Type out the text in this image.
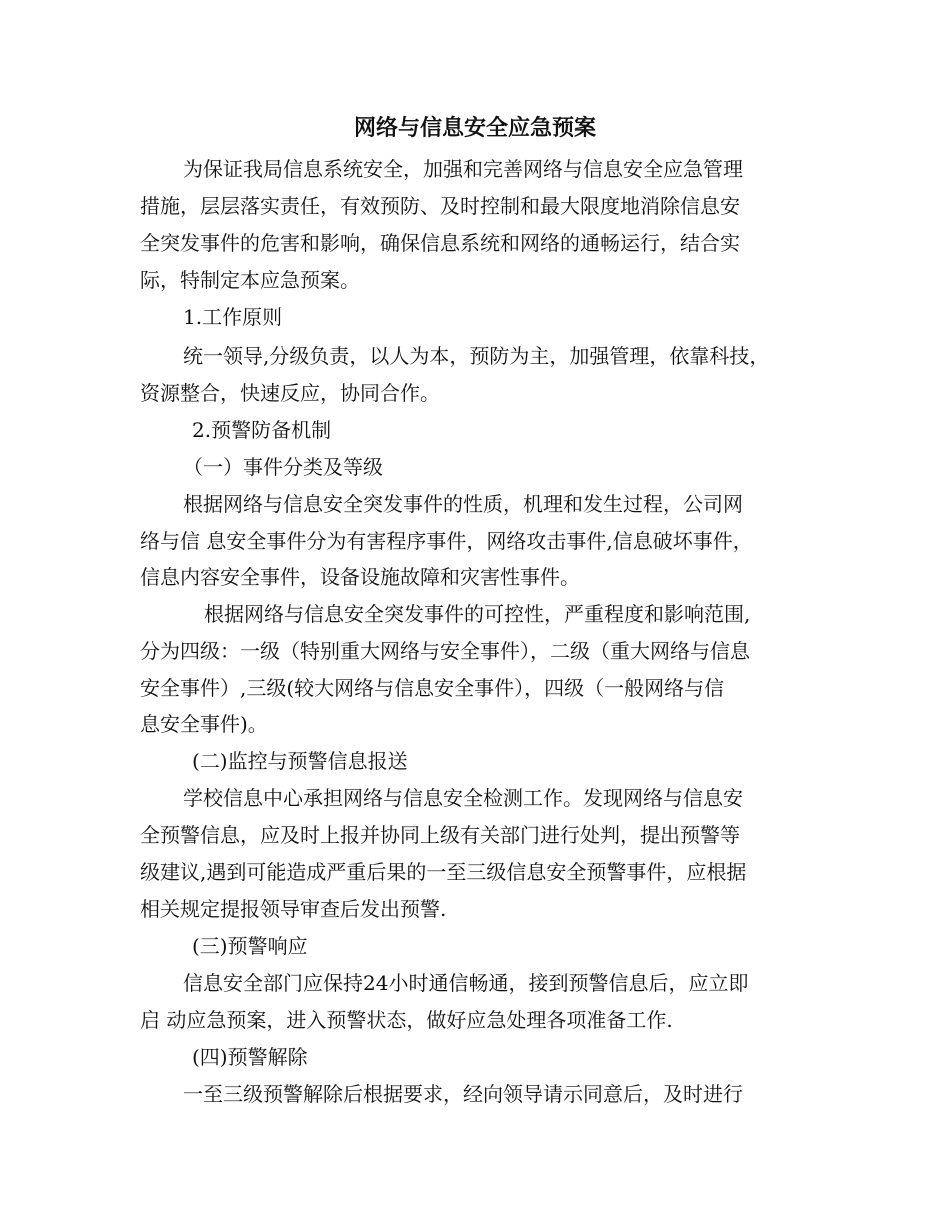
网络与信息安全应急预案
为保证我局信息系统安全，加强和完善网络与信息安全应急管理
措施，层层落实责任，有效预防、及时控制和最大限度地消除信息安
全突发事件的危害和影响，确保信息系统和网络的通畅运行，结合实
际，特制定本应急预案。
1.工作原则
统一领导,分级负责，以人为本，预防为主，加强管理，依靠科技，
资源整合，快速反应，协同合作。
2.预警防备机制
（一）事件分类及等级
根据网络与信息安全突发事件的性质，机理和发生过程，公司网
络与信 息安全事件分为有害程序事件，网络攻击事件,信息破坏事件，
信息内容安全事件，设备设施故障和灾害性事件。
根据网络与信息安全突发事件的可控性，严重程度和影响范围,
分为四级：一级（特别重大网络与安全事件），二级（重大网络与信息
安全事件）,三级(较大网络与信息安全事件），四级（一般网络与信
息安全事件)。
(二)监控与预警信息报送
学校信息中心承担网络与信息安全检测工作。发现网络与信息安
全预警信息，应及时上报并协同上级有关部门进行处判，提出预警等
级建议,遇到可能造成严重后果的一至三级信息安全预警事件，应根据
相关规定提报领导审查后发出预警.
(三)预警响应
信息安全部门应保持24小时通信畅通，接到预警信息后，应立即
启 动应急预案，进入预警状态，做好应急处理各项准备工作.
(四)预警解除
一至三级预警解除后根据要求，经向领导请示同意后，及时进行
